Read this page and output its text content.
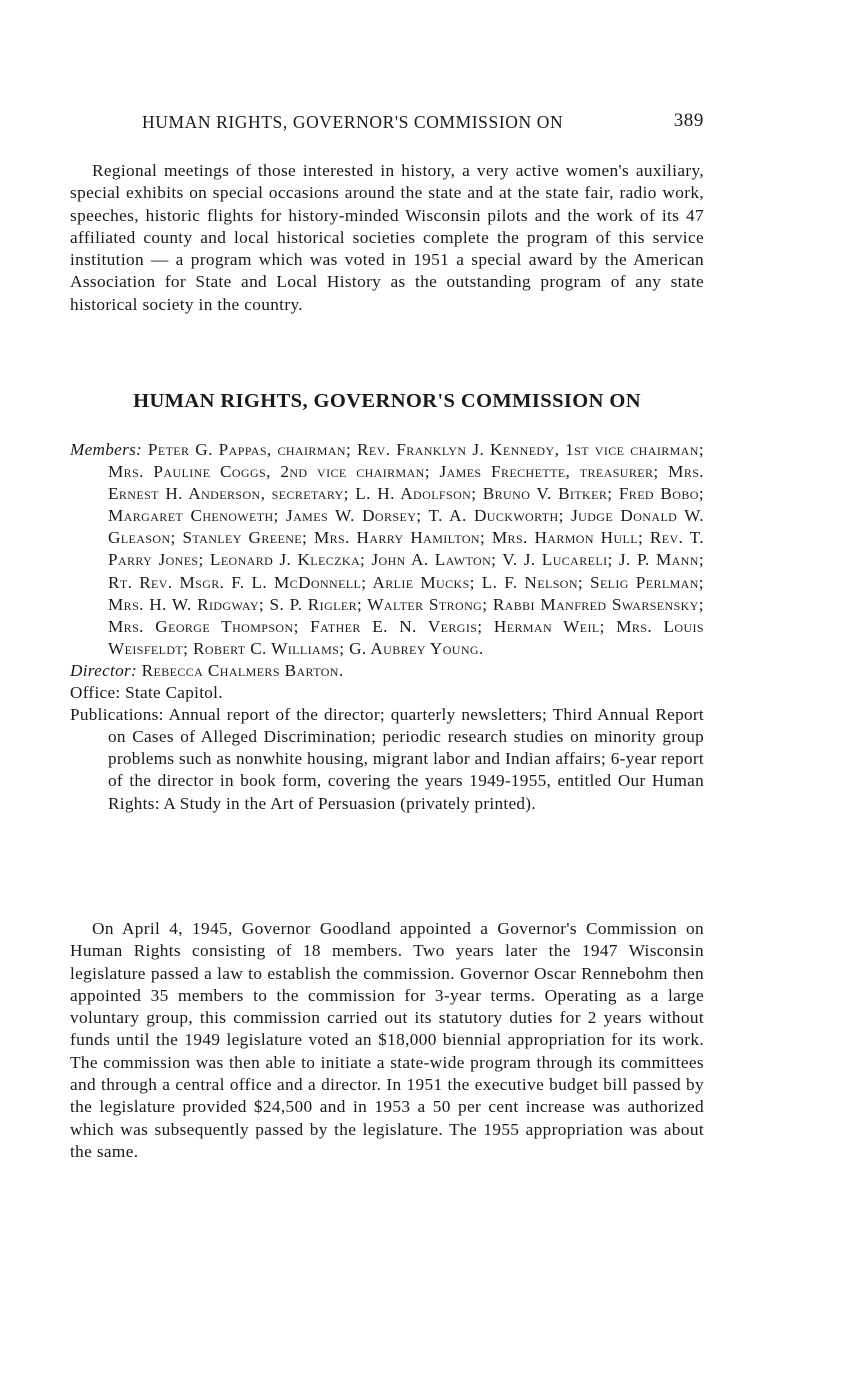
HUMAN RIGHTS, GOVERNOR'S COMMISSION ON	389

Regional meetings of those interested in history, a very active women's auxiliary, special exhibits on special occasions around the state and at the state fair, radio work, speeches, historic flights for history-minded Wisconsin pilots and the work of its 47 affiliated county and local historical societies complete the program of this service institution — a program which was voted in 1951 a special award by the American Association for State and Local History as the outstanding program of any state historical society in the country.

HUMAN RIGHTS, GOVERNOR'S COMMISSION ON

Members: Peter G. Pappas, chairman; Rev. Franklyn J. Kennedy, 1st vice chairman; Mrs. Pauline Coggs, 2nd vice chairman; James Frechette, treasurer; Mrs. Ernest H. Anderson, secretary; L. H. Adolfson; Bruno V. Bitker; Fred Bobo; Margaret Chenoweth; James W. Dorsey; T. A. Duckworth; Judge Donald W. Gleason; Stanley Greene; Mrs. Harry Hamilton; Mrs. Harmon Hull; Rev. T. Parry Jones; Leonard J. Kleczka; John A. Lawton; V. J. Lucareli; J. P. Mann; Rt. Rev. Msgr. F. L. McDonnell; Arlie Mucks; L. F. Nelson; Selig Perlman; Mrs. H. W. Ridgway; S. P. Rigler; Walter Strong; Rabbi Manfred Swarsensky; Mrs. George Thompson; Father E. N. Vergis; Herman Weil; Mrs. Louis Weisfeldt; Robert C. Williams; G. Aubrey Young.

Director: Rebecca Chalmers Barton.

Office: State Capitol.

Publications: Annual report of the director; quarterly newsletters; Third Annual Report on Cases of Alleged Discrimination; periodic research studies on minority group problems such as nonwhite housing, migrant labor and Indian affairs; 6-year report of the director in book form, covering the years 1949-1955, entitled Our Human Rights: A Study in the Art of Persuasion (privately printed).

On April 4, 1945, Governor Goodland appointed a Governor's Commission on Human Rights consisting of 18 members. Two years later the 1947 Wisconsin legislature passed a law to establish the commission. Governor Oscar Rennebohm then appointed 35 members to the commission for 3-year terms. Operating as a large voluntary group, this commission carried out its statutory duties for 2 years without funds until the 1949 legislature voted an $18,000 biennial appropriation for its work. The commission was then able to initiate a state-wide program through its committees and through a central office and a director. In 1951 the executive budget bill passed by the legislature provided $24,500 and in 1953 a 50 per cent increase was authorized which was subsequently passed by the legislature. The 1955 appropriation was about the same.
